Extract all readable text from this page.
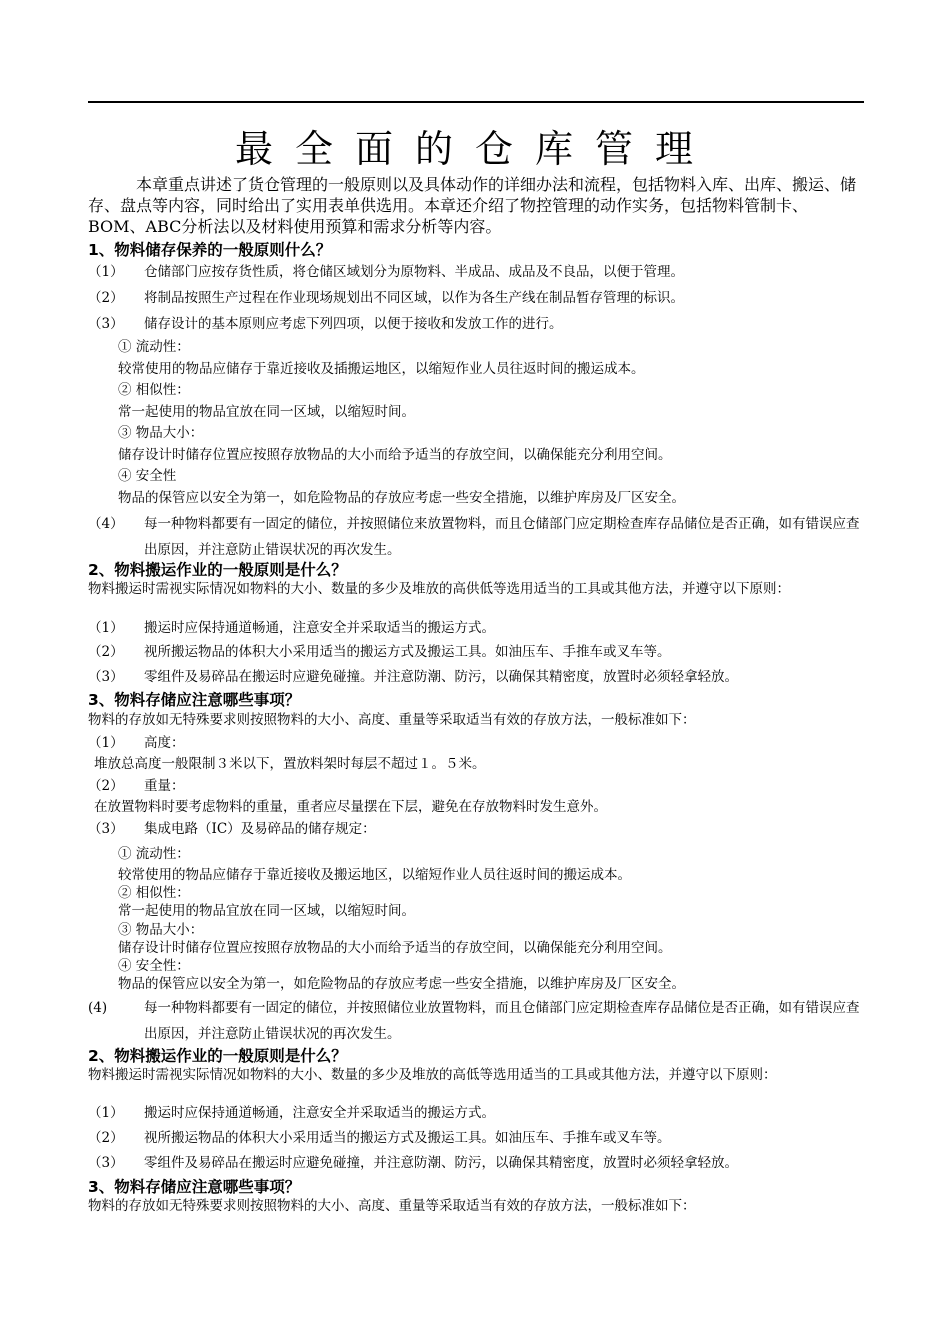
最全面的仓库管理

本章重点讲述了货仓管理的一般原则以及具体动作的详细办法和流程，包括物料入库、出库、搬运、储存、盘点等内容，同时给出了实用表单供选用。本章还介绍了物控管理的动作实务，包括物料管制卡、BOM、ABC分析法以及材料使用预算和需求分析等内容。

1、物料储存保养的一般原则什么？
（1） 仓储部门应按存货性质，将仓储区域划分为原物料、半成品、成品及不良品，以便于管理。
（2） 将制品按照生产过程在作业现场规划出不同区域，以作为各生产线在制品暂存管理的标识。
（3） 储存设计的基本原则应考虑下列四项，以便于接收和发放工作的进行。
① 流动性：
较常使用的物品应储存于靠近接收及插搬运地区，以缩短作业人员往返时间的搬运成本。
② 相似性：
常一起使用的物品宜放在同一区域，以缩短时间。
③ 物品大小：
储存设计时储存位置应按照存放物品的大小而给予适当的存放空间，以确保能充分利用空间。
④ 安全性
物品的保管应以安全为第一，如危险物品的存放应考虑一些安全措施，以维护库房及厂区安全。
（4）	每一种物料都要有一固定的储位，并按照储位来放置物料，而且仓储部门应定期检查库存品储位是否正确，如有错误应查出原因，并注意防止错误状况的再次发生。
2、物料搬运作业的一般原则是什么？
物料搬运时需视实际情况如物料的大小、数量的多少及堆放的高供低等选用适当的工具或其他方法，并遵守以下原则：
（1） 搬运时应保持通道畅通，注意安全并采取适当的搬运方式。
（2） 视所搬运物品的体积大小采用适当的搬运方式及搬运工具。如油压车、手推车或叉车等。
（3） 零组件及易碎品在搬运时应避免碰撞。并注意防潮、防污，以确保其精密度，放置时必须轻拿轻放。
3、物料存储应注意哪些事项？
物料的存放如无特殊要求则按照物料的大小、高度、重量等采取适当有效的存放方法，一般标准如下：
（1） 高度：
堆放总高度一般限制３米以下，置放料架时每层不超过１。５米。
（2） 重量：
在放置物料时要考虑物料的重量，重者应尽量摆在下层，避免在存放物料时发生意外。
（3） 集成电路（IC）及易碎品的储存规定：
① 流动性：
较常使用的物品应储存于靠近接收及搬运地区，以缩短作业人员往返时间的搬运成本。
② 相似性：
常一起使用的物品宜放在同一区域，以缩短时间。
③ 物品大小：
储存设计时储存位置应按照存放物品的大小而给予适当的存放空间，以确保能充分利用空间。
④ 安全性：
物品的保管应以安全为第一，如危险物品的存放应考虑一些安全措施，以维护库房及厂区安全。
(4)	每一种物料都要有一固定的储位，并按照储位业放置物料，而且仓储部门应定期检查库存品储位是否正确，如有错误应查出原因，并注意防止错误状况的再次发生。
2、物料搬运作业的一般原则是什么？
物料搬运时需视实际情况如物料的大小、数量的多少及堆放的高低等选用适当的工具或其他方法，并遵守以下原则：
（1） 搬运时应保持通道畅通，注意安全并采取适当的搬运方式。
（2） 视所搬运物品的体积大小采用适当的搬运方式及搬运工具。如油压车、手推车或叉车等。
（3） 零组件及易碎品在搬运时应避免碰撞，并注意防潮、防污，以确保其精密度，放置时必须轻拿轻放。
3、物料存储应注意哪些事项？
物料的存放如无特殊要求则按照物料的大小、高度、重量等采取适当有效的存放方法，一般标准如下：
